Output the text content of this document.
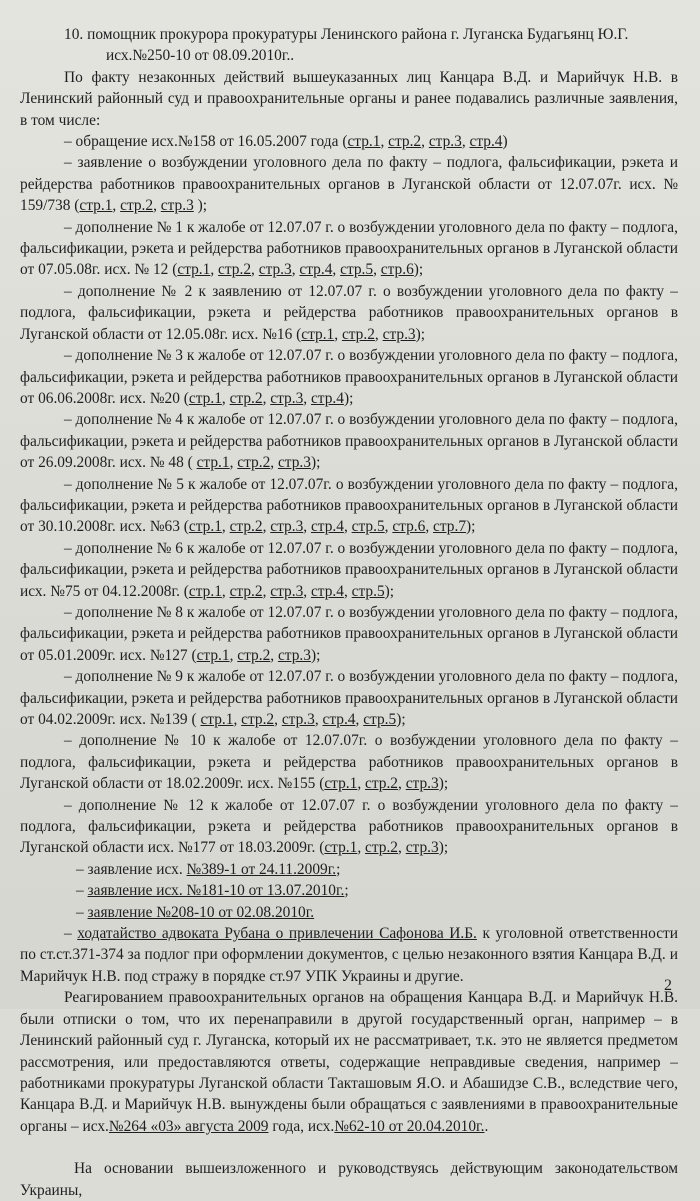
10. помощник прокурора прокуратуры Ленинского района г. Луганска Будагьянц Ю.Г.

исх.№250-10 от 08.09.2010г..

По факту незаконных действий вышеуказанных лиц Канцара В.Д. и Марийчук Н.В. в Ленинский районный суд и правоохранительные органы и ранее подавались различные заявления, в том числе:

– обращение исх.№158 от 16.05.2007 года (стр.1, стр.2, стр.3, стр.4)

– заявление о возбуждении уголовного дела по факту – подлога, фальсификации, рэкета и рейдерства работников правоохранительных органов в Луганской области от 12.07.07г. исх. № 159/738 (стр.1, стр.2, стр.3 );

– дополнение № 1 к жалобе от 12.07.07 г. о возбуждении уголовного дела по факту – подлога, фальсификации, рэкета и рейдерства работников правоохранительных органов в Луганской области от 07.05.08г. исх. № 12 (стр.1, стр.2, стр.3, стр.4, стр.5, стр.6);

– дополнение № 2 к заявлению от 12.07.07 г. о возбуждении уголовного дела по факту – подлога, фальсификации, рэкета и рейдерства работников правоохранительных органов в Луганской области от 12.05.08г. исх. №16 (стр.1, стр.2, стр.3);

– дополнение № 3 к жалобе от 12.07.07 г. о возбуждении уголовного дела по факту – подлога, фальсификации, рэкета и рейдерства работников правоохранительных органов в Луганской области от 06.06.2008г. исх. №20 (стр.1, стр.2, стр.3, стр.4);

– дополнение № 4 к жалобе от 12.07.07 г. о возбуждении уголовного дела по факту – подлога, фальсификации, рэкета и рейдерства работников правоохранительных органов в Луганской области от 26.09.2008г. исх. № 48 ( стр.1, стр.2, стр.3);

– дополнение № 5 к жалобе от 12.07.07г. о возбуждении уголовного дела по факту – подлога, фальсификации, рэкета и рейдерства работников правоохранительных органов в Луганской области от 30.10.2008г. исх. №63 (стр.1, стр.2, стр.3, стр.4, стр.5, стр.6, стр.7);

– дополнение № 6 к жалобе от 12.07.07 г. о возбуждении уголовного дела по факту – подлога, фальсификации, рэкета и рейдерства работников правоохранительных органов в Луганской области исх. №75 от 04.12.2008г. (стр.1, стр.2, стр.3, стр.4, стр.5);

– дополнение № 8 к жалобе от 12.07.07 г. о возбуждении уголовного дела по факту – подлога, фальсификации, рэкета и рейдерства работников правоохранительных органов в Луганской области от 05.01.2009г. исх. №127 (стр.1, стр.2, стр.3);

– дополнение № 9 к жалобе от 12.07.07 г. о возбуждении уголовного дела по факту – подлога, фальсификации, рэкета и рейдерства работников правоохранительных органов в Луганской области от 04.02.2009г. исх. №139 ( стр.1, стр.2, стр.3, стр.4, стр.5);

– дополнение № 10 к жалобе от 12.07.07г. о возбуждении уголовного дела по факту – подлога, фальсификации, рэкета и рейдерства работников правоохранительных органов в Луганской области от 18.02.2009г. исх. №155 (стр.1, стр.2, стр.3);

– дополнение № 12 к жалобе от 12.07.07 г. о возбуждении уголовного дела по факту – подлога, фальсификации, рэкета и рейдерства работников правоохранительных органов в Луганской области исх. №177 от 18.03.2009г. (стр.1, стр.2, стр.3);

– заявление исх. №389-1 от 24.11.2009г.;

– заявление исх. №181-10 от 13.07.2010г.;

– заявление №208-10 от 02.08.2010г.

– ходатайство адвоката Рубана о привлечении Сафонова И.Б. к уголовной ответственности по ст.ст.371-374 за подлог при оформлении документов, с целью незаконного взятия Канцара В.Д. и Марийчук Н.В. под стражу в порядке ст.97 УПК Украины и другие.

Реагированием правоохранительных органов на обращения Канцара В.Д. и Марийчук Н.В. были отписки о том, что их перенаправили в другой государственный орган, например – в Ленинский районный суд г. Луганска, который их не рассматривает, т.к. это не является предметом рассмотрения, или предоставляются ответы, содержащие неправдивые сведения, например – работниками прокуратуры Луганской области Такташовым Я.О. и Абашидзе С.В., вследствие чего, Канцара В.Д. и Марийчук Н.В. вынуждены были обращаться с заявлениями в правоохранительные органы – исх.№264 «03» августа 2009 года, исх.№62-10 от 20.04.2010г..

На основании вышеизложенного и руководствуясь действующим законодательством Украины,

2
